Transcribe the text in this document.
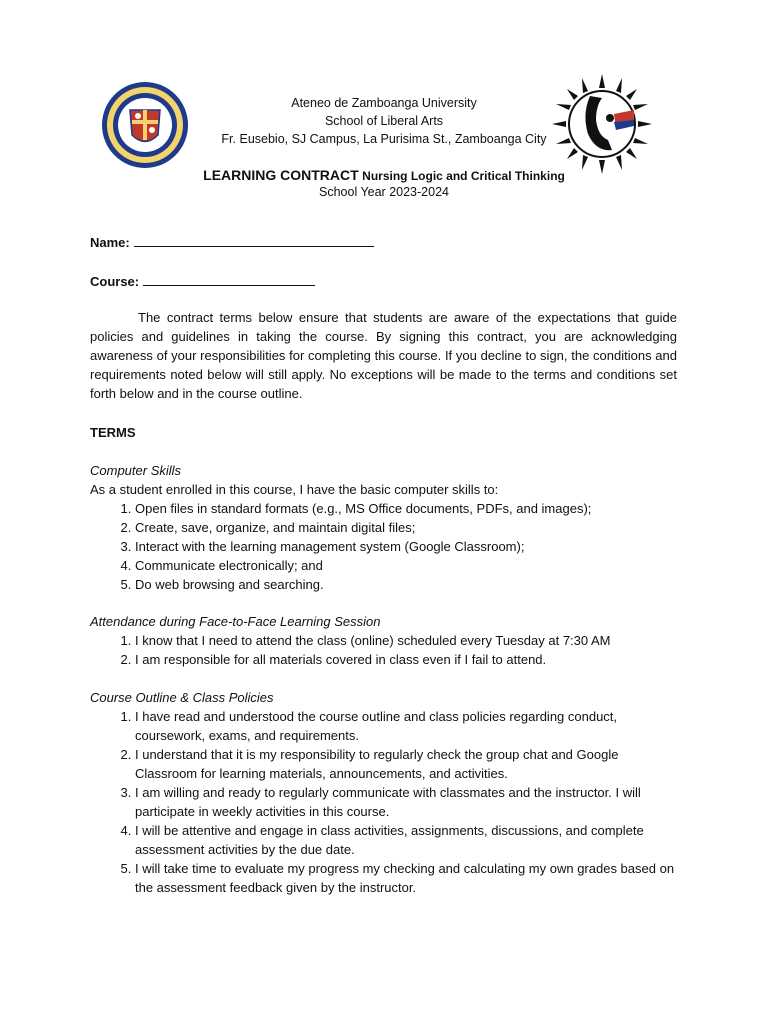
Ateneo de Zamboanga University
School of Liberal Arts
Fr. Eusebio, SJ Campus, La Purisima St., Zamboanga City
LEARNING CONTRACT Nursing Logic and Critical Thinking
School Year 2023-2024
Name:
Course:
The contract terms below ensure that students are aware of the expectations that guide policies and guidelines in taking the course. By signing this contract, you are acknowledging awareness of your responsibilities for completing this course. If you decline to sign, the conditions and requirements noted below will still apply. No exceptions will be made to the terms and conditions set forth below and in the course outline.
TERMS
Computer Skills
As a student enrolled in this course, I have the basic computer skills to:
1. Open files in standard formats (e.g., MS Office documents, PDFs, and images);
2. Create, save, organize, and maintain digital files;
3. Interact with the learning management system (Google Classroom);
4. Communicate electronically; and
5. Do web browsing and searching.
Attendance during Face-to-Face Learning Session
1. I know that I need to attend the class (online) scheduled every Tuesday at 7:30 AM
2. I am responsible for all materials covered in class even if I fail to attend.
Course Outline & Class Policies
1. I have read and understood the course outline and class policies regarding conduct, coursework, exams, and requirements.
2. I understand that it is my responsibility to regularly check the group chat and Google Classroom for learning materials, announcements, and activities.
3. I am willing and ready to regularly communicate with classmates and the instructor. I will participate in weekly activities in this course.
4. I will be attentive and engage in class activities, assignments, discussions, and complete assessment activities by the due date.
5. I will take time to evaluate my progress my checking and calculating my own grades based on the assessment feedback given by the instructor.
